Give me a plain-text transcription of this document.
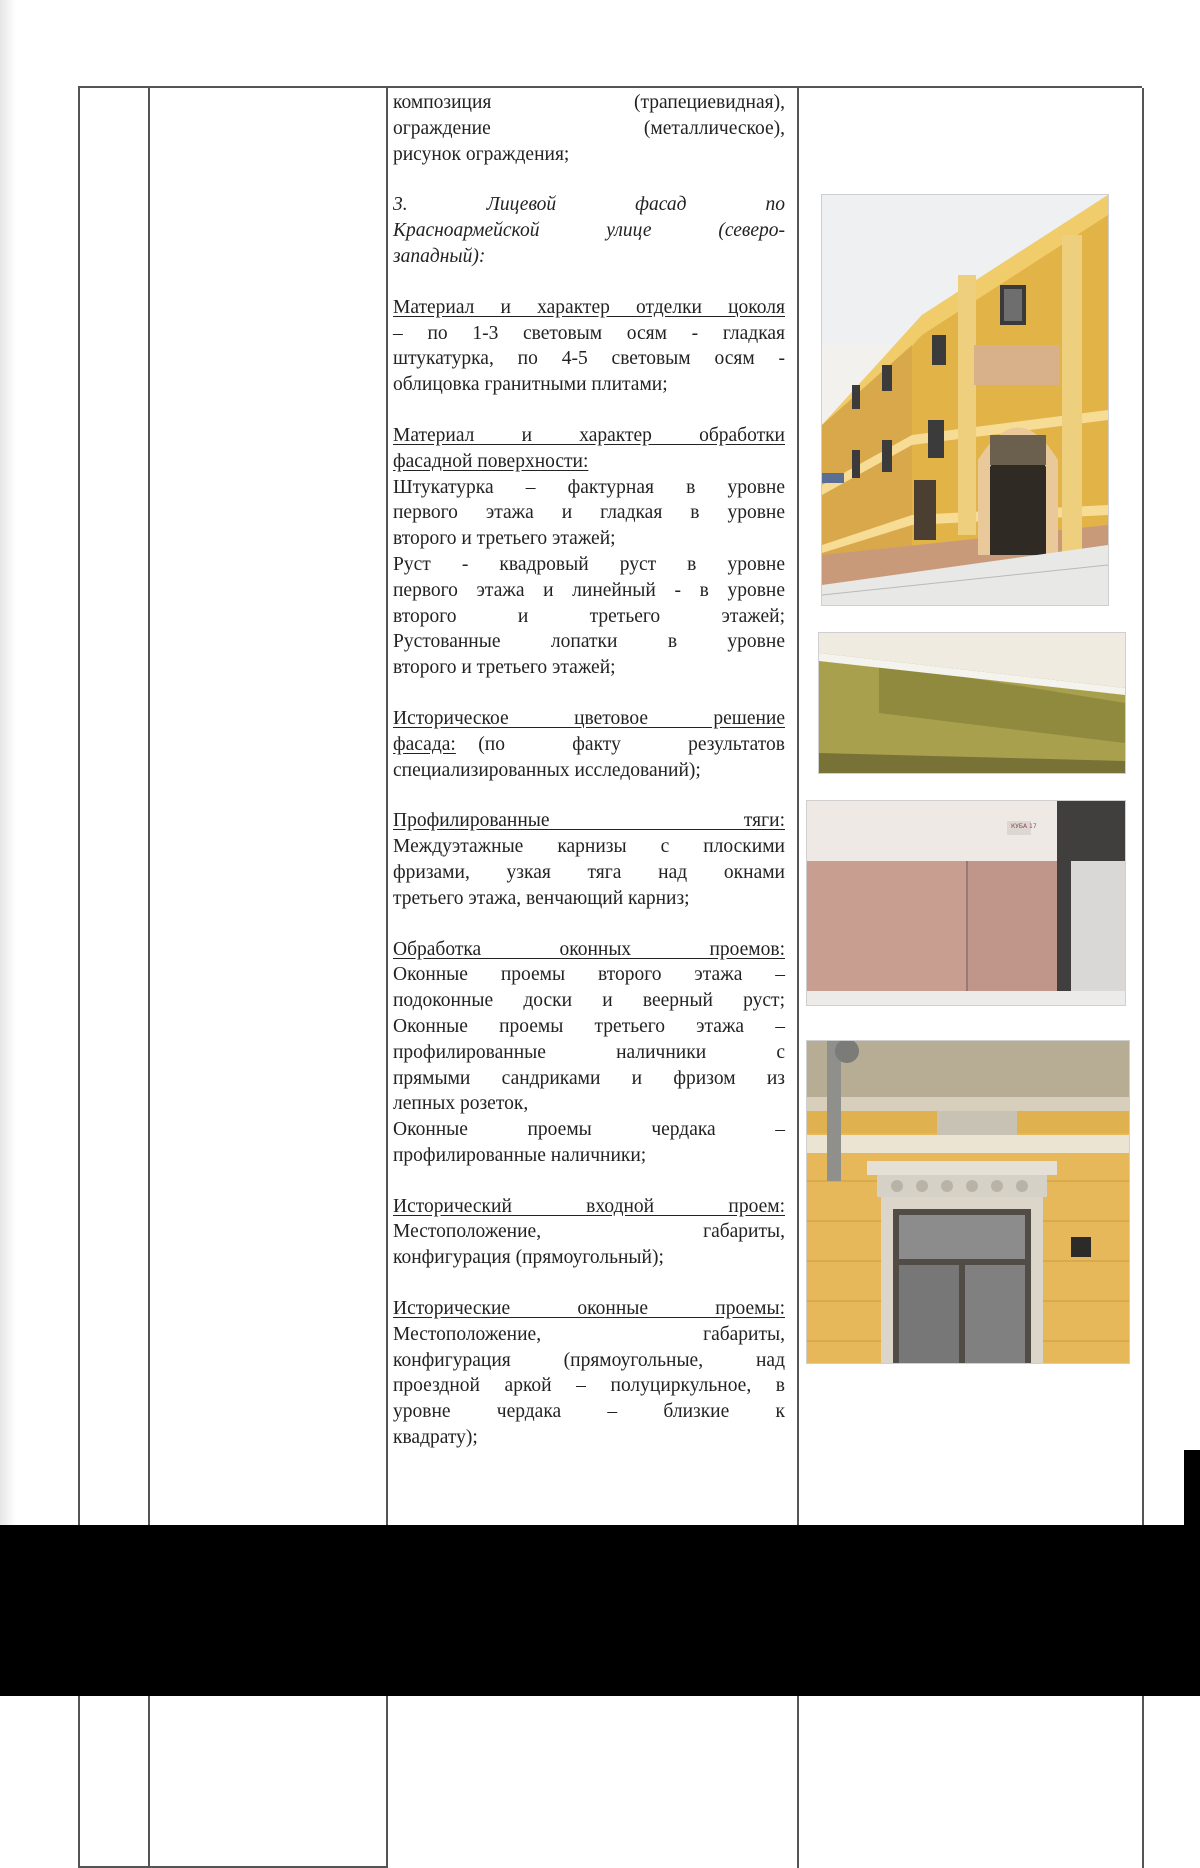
композиция (трапециевидная),
ограждение (металлическое),
рисунок ограждения;

3. Лицевой фасад по
Красноармейской улице (северо-
западный):

Материал и характер отделки цоколя
– по 1-3 световым осям - гладкая
штукатурка, по 4-5 световым осям -
облицовка гранитными плитами;

Материал и характер обработки
фасадной поверхности:
Штукатурка – фактурная в уровне
первого этажа и гладкая в уровне
второго и третьего этажей;
Руст - квадровый руст в уровне
первого этажа и линейный - в уровне
второго и третьего этажей;
Рустованные лопатки в уровне
второго и третьего этажей;

Историческое цветовое решение
фасада: (по   факту   результатов
специализированных исследований);

Профилированные тяги:
Междуэтажные карнизы с плоскими
фризами, узкая тяга над окнами
третьего этажа, венчающий карниз;

Обработка оконных проемов:
Оконные проемы второго этажа –
подоконные доски и веерный руст;
Оконные проемы третьего этажа –
профилированные наличники с
прямыми сандриками и фризом из
лепных розеток,
Оконные проемы чердака –
профилированные наличники;

Исторический входной проем:
Местоположение, габариты,
конфигурация (прямоугольный);

Исторические оконные проемы:
Местоположение, габариты,
конфигурация (прямоугольные, над
проездной аркой – полуциркульное, в
уровне чердака – близкие к
квадрату);

КУБА 17
